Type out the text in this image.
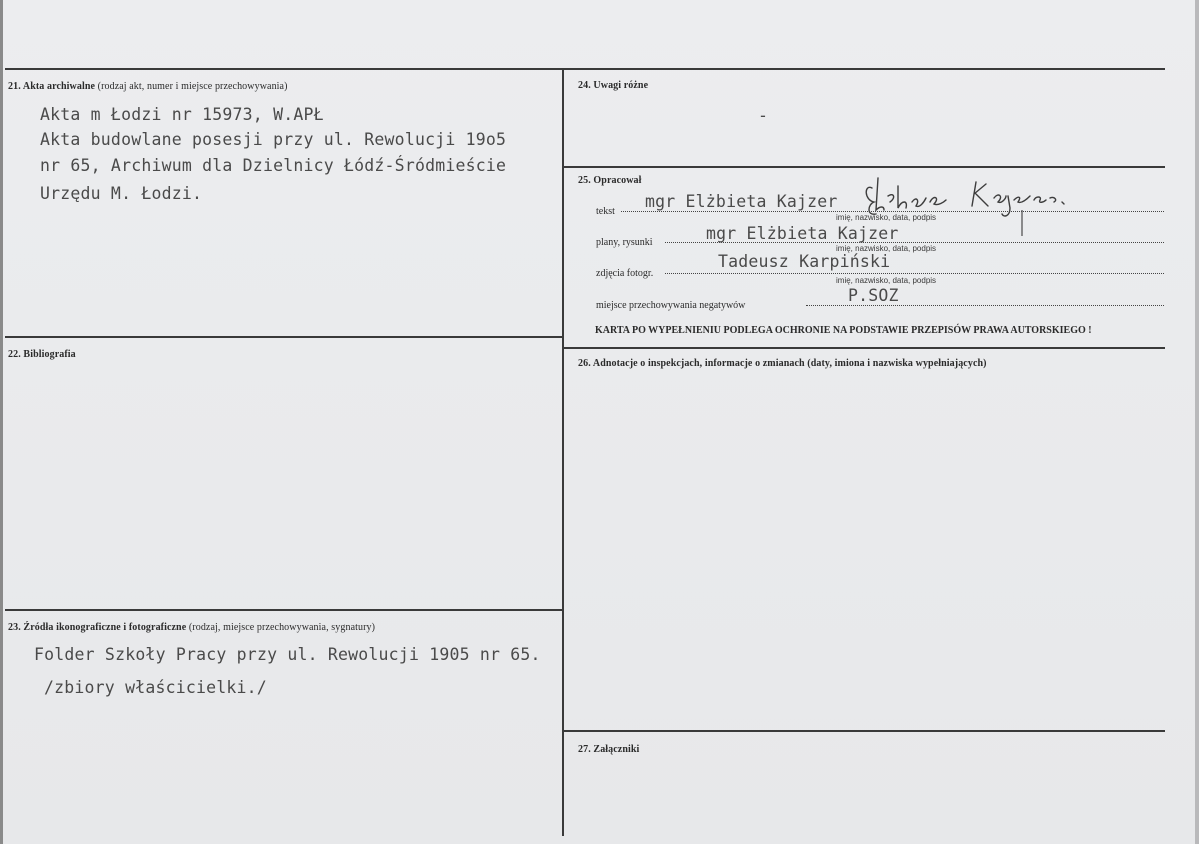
21. Akta archiwalne (rodzaj akt, numer i miejsce przechowywania)
Akta m Łodzi nr 15973, W.APŁ
Akta budowlane posesji przy ul. Rewolucji 19o5
nr 65, Archiwum dla Dzielnicy Łódź-Śródmieście
Urzędu M. Łodzi.
22. Bibliografia
23. Źródła ikonograficzne i fotograficzne (rodzaj, miejsce przechowywania, sygnatury)
Folder Szkoły Pracy przy ul. Rewolucji 1905 nr 65.
/zbiory właścicielki./
24. Uwagi różne
-
25. Opracował
tekst
mgr Elżbieta Kajzer
imię, nazwisko, data, podpis
plany, rysunki	mgr Elżbieta Kajzer
imię, nazwisko, data, podpis
zdjęcia fotogr.
Tadeusz Karpiński
imię, nazwisko, data, podpis
miejsce przechowywania negatywów
P.SOZ
KARTA PO WYPEŁNIENIU PODLEGA OCHRONIE NA PODSTAWIE PRZEPISÓW PRAWA AUTORSKIEGO !
26. Adnotacje o inspekcjach, informacje o zmianach (daty, imiona i nazwiska wypełniających)
27. Załączniki
